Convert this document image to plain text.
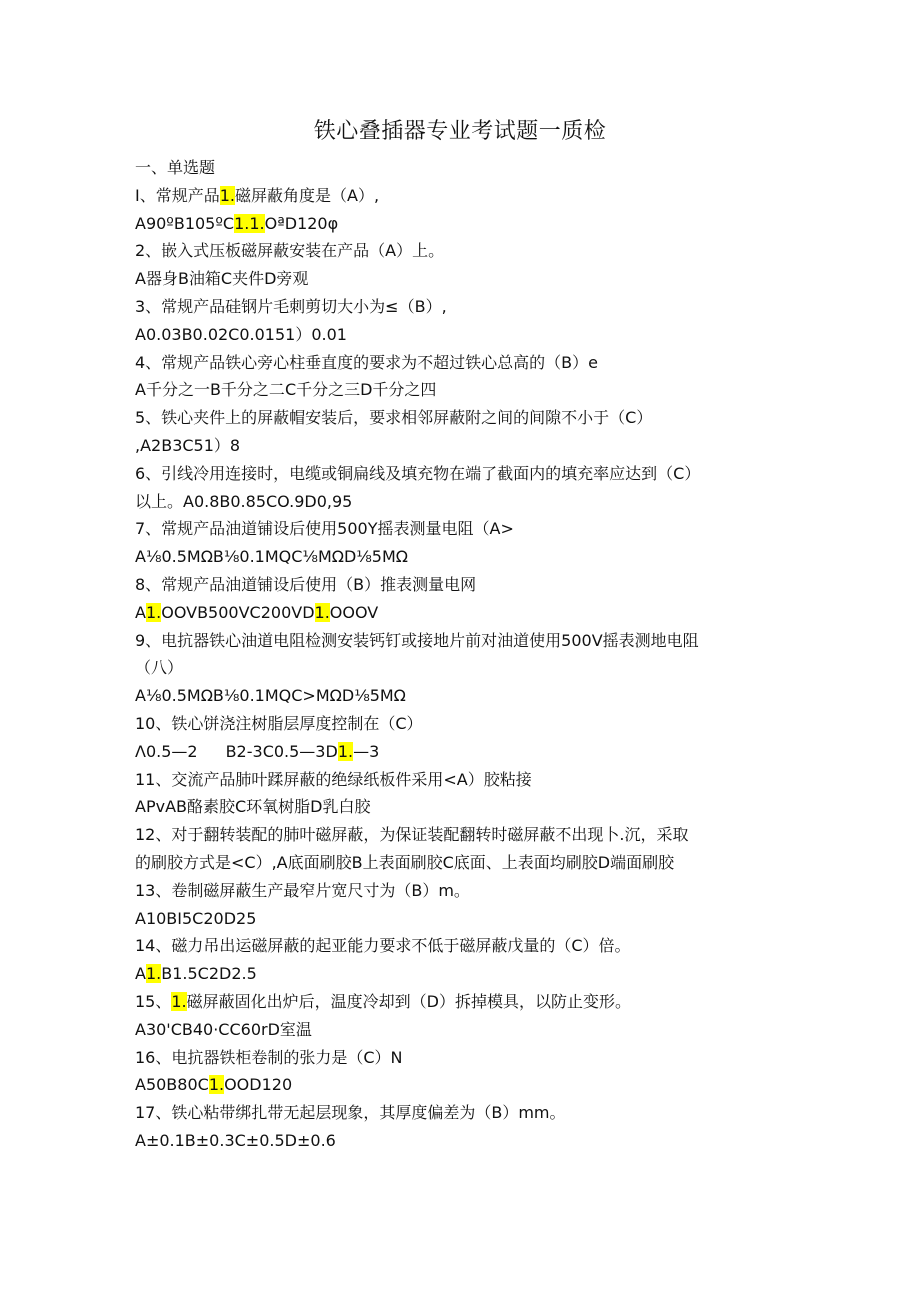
铁心叠插器专业考试题一质检
一、单选题
I、常规产品1.磁屏蔽角度是（A）,
A90ºB105ºC1.1.OªD120φ
2、嵌入式压板磁屏蔽安装在产品（A）上。
A器身B油箱C夹件D旁观
3、常规产品硅钢片毛刺剪切大小为≤（B）,
A0.03B0.02C0.0151）0.01
4、常规产品铁心旁心柱垂直度的要求为不超过铁心总高的（B）e
A千分之一B千分之二C千分之三D千分之四
5、铁心夹件上的屏蔽帽安装后，要求相邻屏蔽附之间的间隙不小于（C）
,A2B3C51）8
6、引线冷用连接时，电缆或铜扁线及填充物在端了截面内的填充率应达到（C）
以上。A0.8B0.85CO.9D0,95
7、常规产品油道铺设后使用500Y摇表测量电阻（A>
A⅛0.5MΩB⅛0.1MQC⅛MΩD⅛5MΩ
8、常规产品油道铺设后使用（B）推表测量电网
A1.OOVB500VC200VD1.OOOV
9、电抗器铁心油道电阻检测安装钙钉或接地片前对油道使用500V摇表测地电阻
（八）
A⅛0.5MΩB⅛0.1MQC>MΩD⅛5MΩ
10、铁心饼浇注树脂层厚度控制在（C）
Λ0.5—2 B2-3C0.5—3D1.—3
11、交流产品肺叶蹂屏蔽的绝绿纸板件采用<A）胶粘接
APvAB酪素胶C环氧树脂D乳白胶
12、对于翻转装配的肺叶磁屏蔽，为保证装配翻转时磁屏蔽不出现卜.沉，采取
的刷胶方式是<C）,A底面刷胶B上表面刷胶C底面、上表面均刷胶D端面刷胶
13、卷制磁屏蔽生产最窄片宽尺寸为（B）m。
A10BI5C20D25
14、磁力吊出运磁屏蔽的起亚能力要求不低于磁屏蔽戊量的（C）倍。
A1.B1.5C2D2.5
15、1.磁屏蔽固化出炉后，温度冷却到（D）拆掉模具，以防止变形。
A30'CB40·CC60rD室温
16、电抗器铁柜卷制的张力是（C）N
A50B80C1.OOD120
17、铁心粘带绑扎带无起层现象，其厚度偏差为（B）mm。
A±0.1B±0.3C±0.5D±0.6
